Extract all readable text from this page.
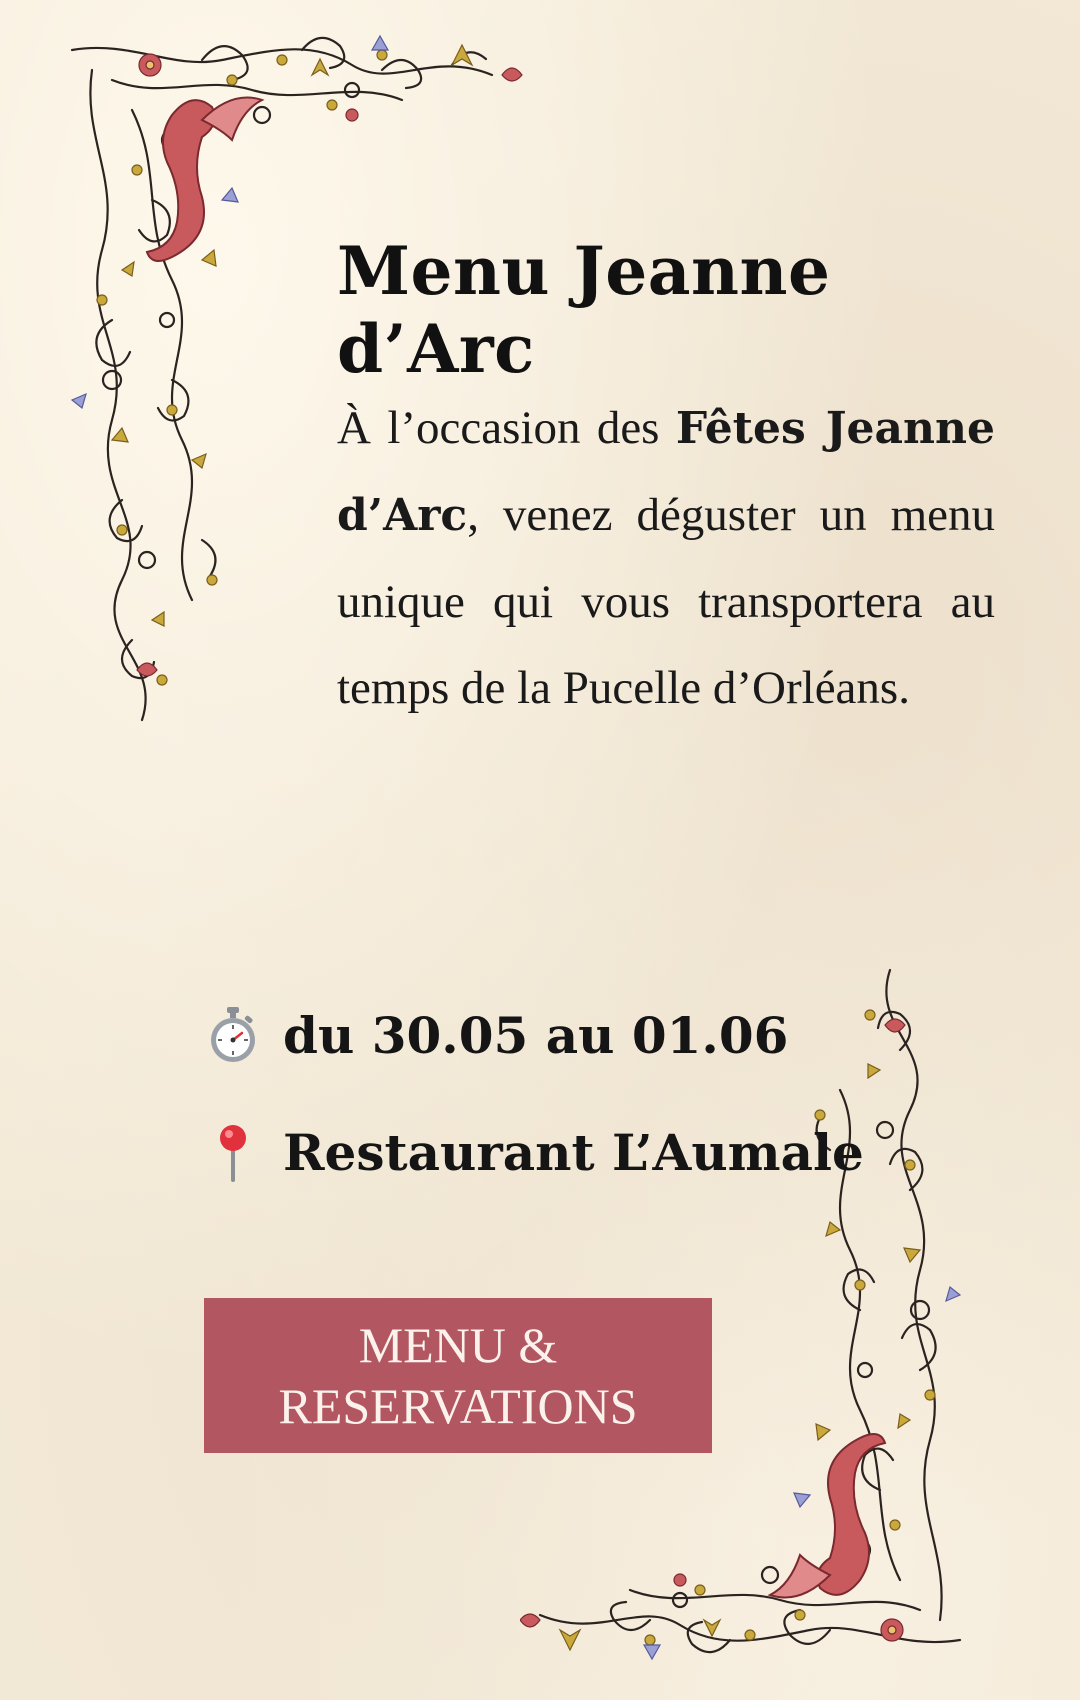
Menu Jeanne d’Arc

À l’occasion des Fêtes Jeanne d’Arc, venez déguster un menu unique qui vous transportera au temps de la Pucelle d’Orléans.

du 30.05 au 01.06
Restaurant L’Aumale
MENU &
RESERVATIONS
